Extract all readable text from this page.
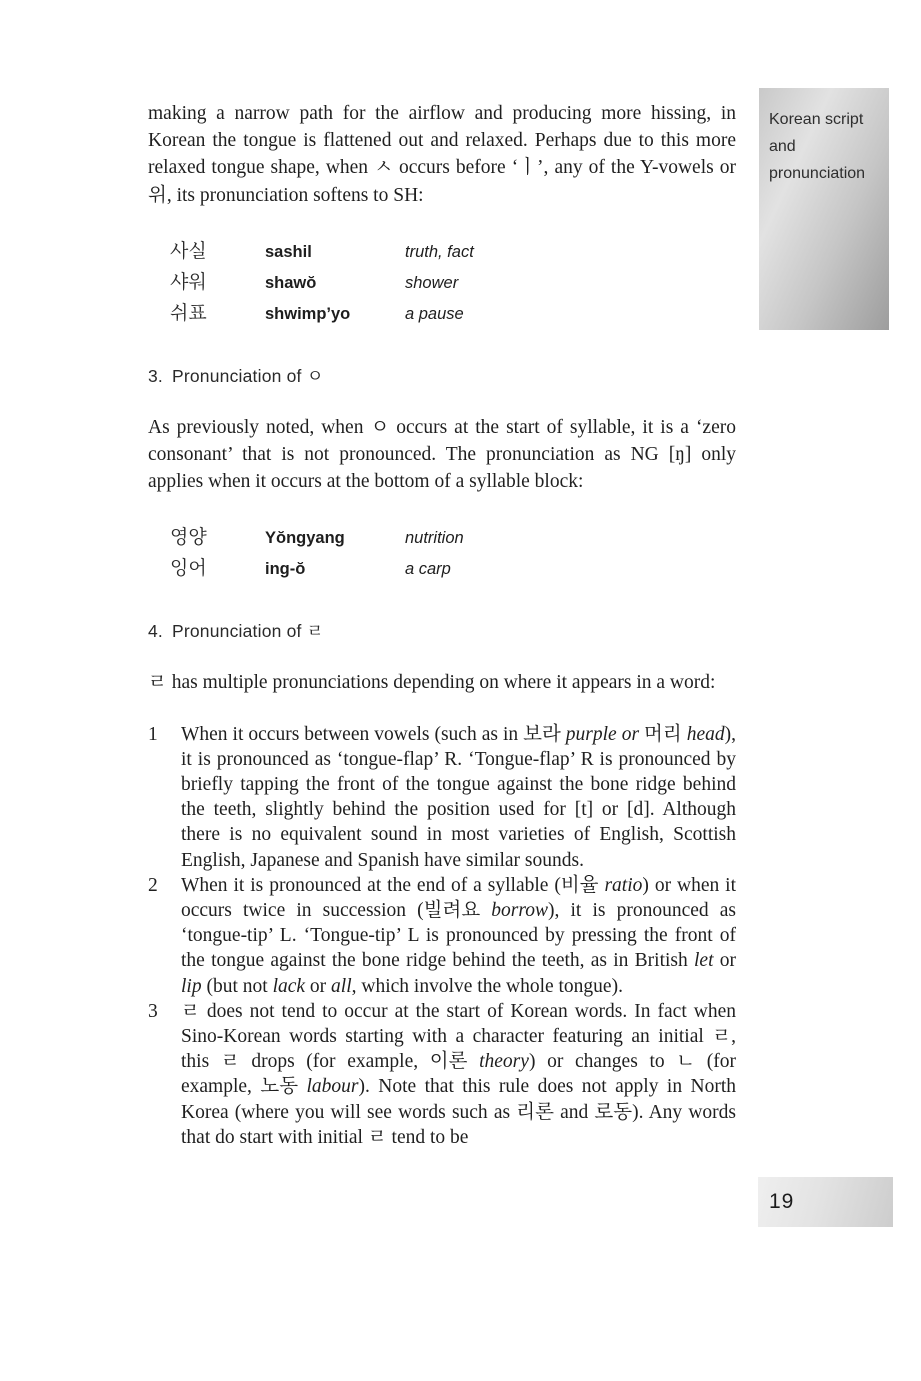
Korean script and pronunciation

making a narrow path for the airflow and producing more hissing, in Korean the tongue is flattened out and relaxed. Perhaps due to this more relaxed tongue shape, when ㅅ occurs before ‘ㅣ’, any of the Y-vowels or 위, its pronunciation softens to SH:

사실	sashil	truth, fact
샤워	shawŏ	shower
쉬표	shwimp’yo	a pause
3. Pronunciation of ㅇ

As previously noted, when ㅇ occurs at the start of syllable, it is a ‘zero consonant’ that is not pronounced. The pronunciation as NG [ŋ] only applies when it occurs at the bottom of a syllable block:

영양	Yŏngyang	nutrition
잉어	ing-ŏ	a carp
4. Pronunciation of ㄹ

ㄹ has multiple pronunciations depending on where it appears in a word:

1	When it occurs between vowels (such as in 보라 purple or 머리 head), it is pronounced as ‘tongue-flap’ R. ‘Tongue-flap’ R is pronounced by briefly tapping the front of the tongue against the bone ridge behind the teeth, slightly behind the position used for [t] or [d]. Although there is no equivalent sound in most varieties of English, Scottish English, Japanese and Spanish have similar sounds.
2	When it is pronounced at the end of a syllable (비율 ratio) or when it occurs twice in succession (빌려요 borrow), it is pronounced as ‘tongue-tip’ L. ‘Tongue-tip’ L is pronounced by pressing the front of the tongue against the bone ridge behind the teeth, as in British let or lip (but not lack or all, which involve the whole tongue).
3	ㄹ does not tend to occur at the start of Korean words. In fact when Sino-Korean words starting with a character featuring an initial ㄹ, this ㄹ drops (for example, 이론 theory) or changes to ㄴ (for example, 노동 labour). Note that this rule does not apply in North Korea (where you will see words such as 리론 and 로동). Any words that do start with initial ㄹ tend to be
19
